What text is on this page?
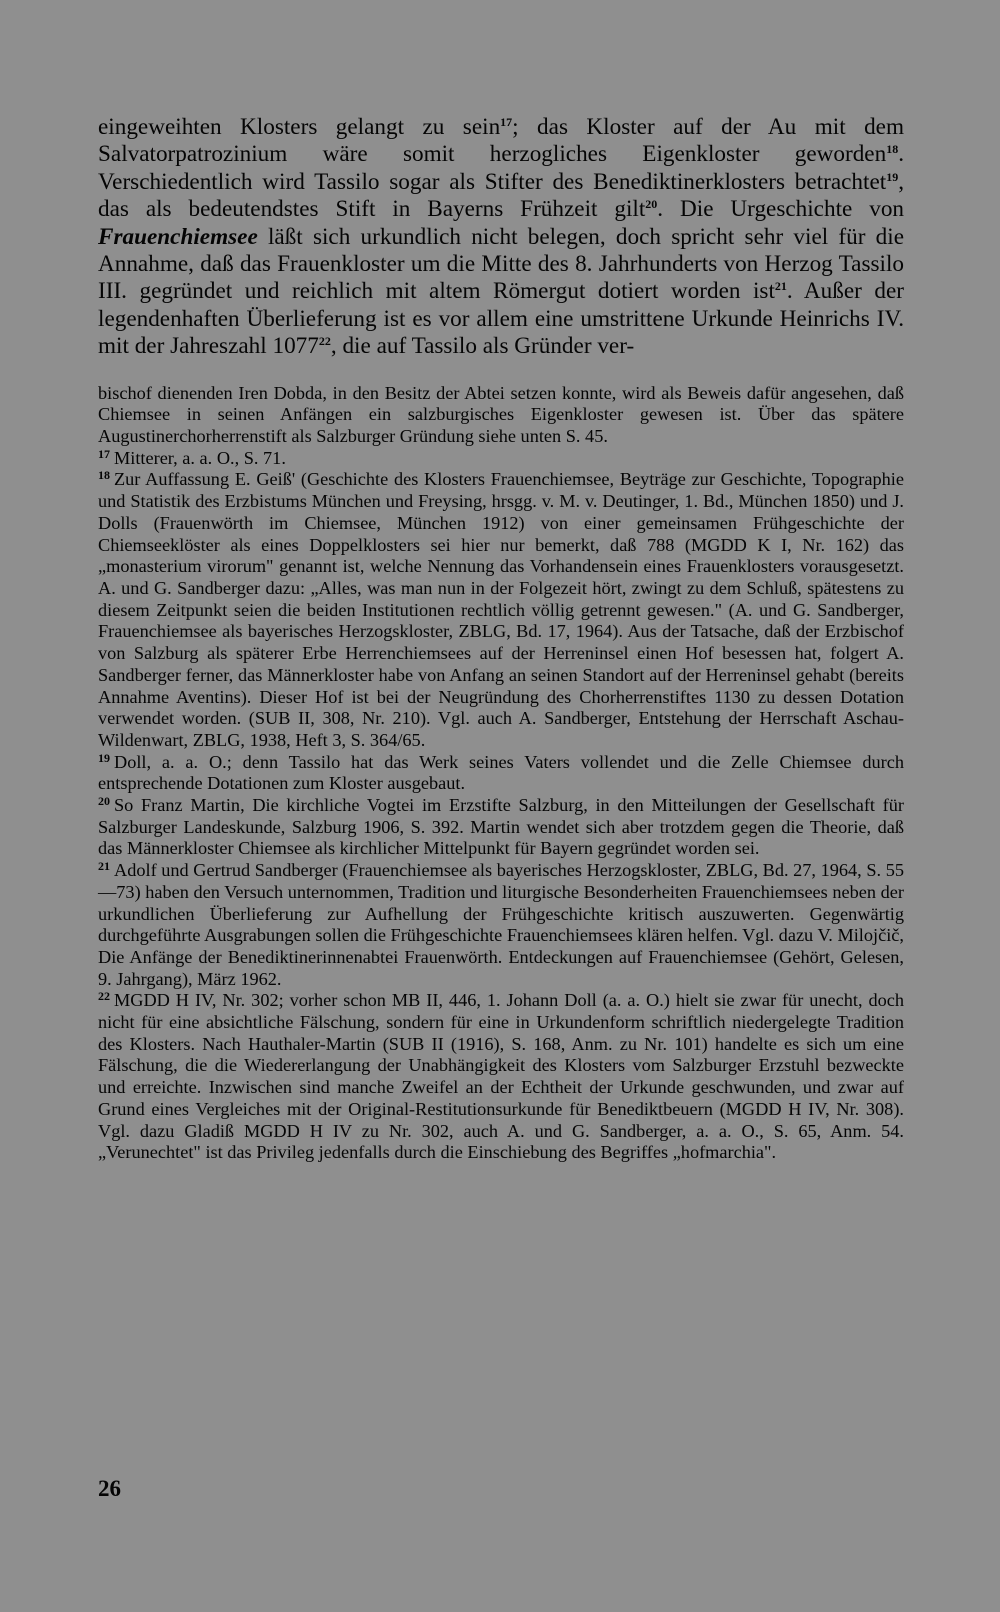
eingeweihten Klosters gelangt zu sein$^{17}$; das Kloster auf der Au mit dem Salvatorpatrozinium wäre somit herzogliches Eigenkloster geworden$^{18}$. Verschiedentlich wird Tassilo sogar als Stifter des Benediktinerklosters betrachtet$^{19}$, das als bedeutendstes Stift in Bayerns Frühzeit gilt$^{20}$. Die Urgeschichte von Frauenchiemsee läßt sich urkundlich nicht belegen, doch spricht sehr viel für die Annahme, daß das Frauenkloster um die Mitte des 8. Jahrhunderts von Herzog Tassilo III. gegründet und reichlich mit altem Römergut dotiert worden ist$^{21}$. Außer der legendenhaften Überlieferung ist es vor allem eine umstrittene Urkunde Heinrichs IV. mit der Jahreszahl 1077$^{22}$, die auf Tassilo als Gründer ver-

bischof dienenden Iren Dobda, in den Besitz der Abtei setzen konnte, wird als Beweis dafür angesehen, daß Chiemsee in seinen Anfängen ein salzburgisches Eigenkloster gewesen ist. Über das spätere Augustinerchorherrenstift als Salzburger Gründung siehe unten S. 45.

$^{17}$ Mitterer, a. a. O., S. 71.

$^{18}$ Zur Auffassung E. Geiß' (Geschichte des Klosters Frauenchiemsee, Beyträge zur Geschichte, Topographie und Statistik des Erzbistums München und Freysing, hrsgg. v. M. v. Deutinger, 1. Bd., München 1850) und J. Dolls (Frauenwörth im Chiemsee, München 1912) von einer gemeinsamen Frühgeschichte der Chiemseeklöster als eines Doppelklosters sei hier nur bemerkt, daß 788 (MGDD K I, Nr. 162) das „monasterium virorum" genannt ist, welche Nennung das Vorhandensein eines Frauenklosters vorausgesetzt. A. und G. Sandberger dazu: „Alles, was man nun in der Folgezeit hört, zwingt zu dem Schluß, spätestens zu diesem Zeitpunkt seien die beiden Institutionen rechtlich völlig getrennt gewesen." (A. und G. Sandberger, Frauenchiemsee als bayerisches Herzogskloster, ZBLG, Bd. 17, 1964). Aus der Tatsache, daß der Erzbischof von Salzburg als späterer Erbe Herrenchiemsees auf der Herreninsel einen Hof besessen hat, folgert A. Sandberger ferner, das Männerkloster habe von Anfang an seinen Standort auf der Herreninsel gehabt (bereits Annahme Aventins). Dieser Hof ist bei der Neugründung des Chorherrenstiftes 1130 zu dessen Dotation verwendet worden. (SUB II, 308, Nr. 210). Vgl. auch A. Sandberger, Entstehung der Herrschaft Aschau-Wildenwart, ZBLG, 1938, Heft 3, S. 364/65.

$^{19}$ Doll, a. a. O.; denn Tassilo hat das Werk seines Vaters vollendet und die Zelle Chiemsee durch entsprechende Dotationen zum Kloster ausgebaut.

$^{20}$ So Franz Martin, Die kirchliche Vogtei im Erzstifte Salzburg, in den Mitteilungen der Gesellschaft für Salzburger Landeskunde, Salzburg 1906, S. 392. Martin wendet sich aber trotzdem gegen die Theorie, daß das Männerkloster Chiemsee als kirchlicher Mittelpunkt für Bayern gegründet worden sei.

$^{21}$ Adolf und Gertrud Sandberger (Frauenchiemsee als bayerisches Herzogskloster, ZBLG, Bd. 27, 1964, S. 55—73) haben den Versuch unternommen, Tradition und liturgische Besonderheiten Frauenchiemsees neben der urkundlichen Überlieferung zur Aufhellung der Frühgeschichte kritisch auszuwerten. Gegenwärtig durchgeführte Ausgrabungen sollen die Frühgeschichte Frauenchiemsees klären helfen. Vgl. dazu V. Milojčič, Die Anfänge der Benediktinerinnenabtei Frauenwörth. Entdeckungen auf Frauenchiemsee (Gehört, Gelesen, 9. Jahrgang), März 1962.

$^{22}$ MGDD H IV, Nr. 302; vorher schon MB II, 446, 1. Johann Doll (a. a. O.) hielt sie zwar für unecht, doch nicht für eine absichtliche Fälschung, sondern für eine in Urkundenform schriftlich niedergelegte Tradition des Klosters. Nach Hauthaler-Martin (SUB II (1916), S. 168, Anm. zu Nr. 101) handelte es sich um eine Fälschung, die die Wiedererlangung der Unabhängigkeit des Klosters vom Salzburger Erzstuhl bezweckte und erreichte. Inzwischen sind manche Zweifel an der Echtheit der Urkunde geschwunden, und zwar auf Grund eines Vergleiches mit der Original-Restitutionsurkunde für Benediktbeuern (MGDD H IV, Nr. 308). Vgl. dazu Gladiß MGDD H IV zu Nr. 302, auch A. und G. Sandberger, a. a. O., S. 65, Anm. 54. „Verunechtet" ist das Privileg jedenfalls durch die Einschiebung des Begriffes „hofmarchia".

26
